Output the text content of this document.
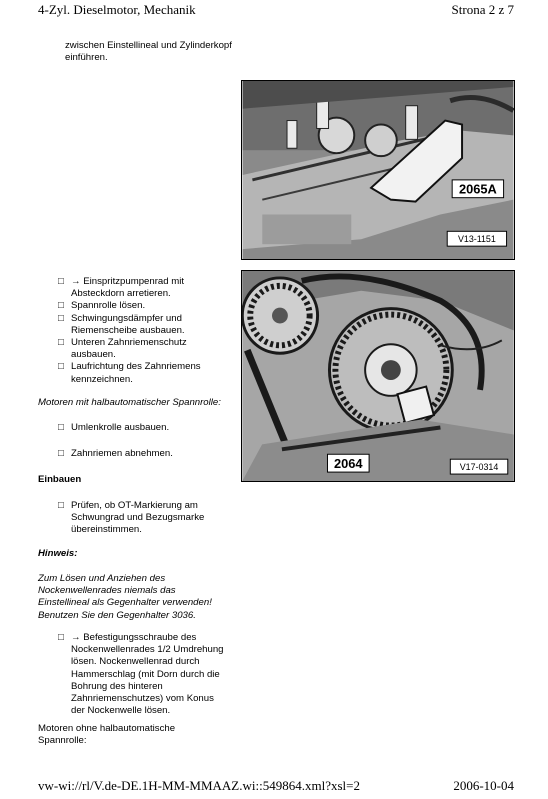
4-Zyl. Dieselmotor, Mechanik	Strona 2 z 7
zwischen Einstellineal und Zylinderkopf
einführen.
2065A
V13-1151
□ → Einspritzpumpenrad mit
Absteckdorn arretieren.
□ Spannrolle lösen.
□ Schwingungsdämpfer und
Riemenscheibe ausbauen.
□ Unteren Zahnriemenschutz
ausbauen.
□ Laufrichtung des Zahnriemens
kennzeichnen.
2064	V17-0314
Motoren mit halbautomatischer Spannrolle:
□ Umlenkrolle ausbauen.
□ Zahnriemen abnehmen.
Einbauen
□ Prüfen, ob OT-Markierung am
Schwungrad und Bezugsmarke
übereinstimmen.
Hinweis:
Zum Lösen und Anziehen des
Nockenwellenrades niemals das
Einstellineal als Gegenhalter verwenden!
Benutzen Sie den Gegenhalter 3036.
□ → Befestigungsschraube des
Nockenwellenrades 1/2 Umdrehung
lösen. Nockenwellenrad durch
Hammerschlag (mit Dorn durch die
Bohrung des hinteren
Zahnriemenschutzes) vom Konus
der Nockenwelle lösen.
Motoren ohne halbautomatische
Spannrolle:
vw-wi://rl/V.de-DE.1H-MM-MMAAZ.wi::549864.xml?xsl=2	2006-10-04
